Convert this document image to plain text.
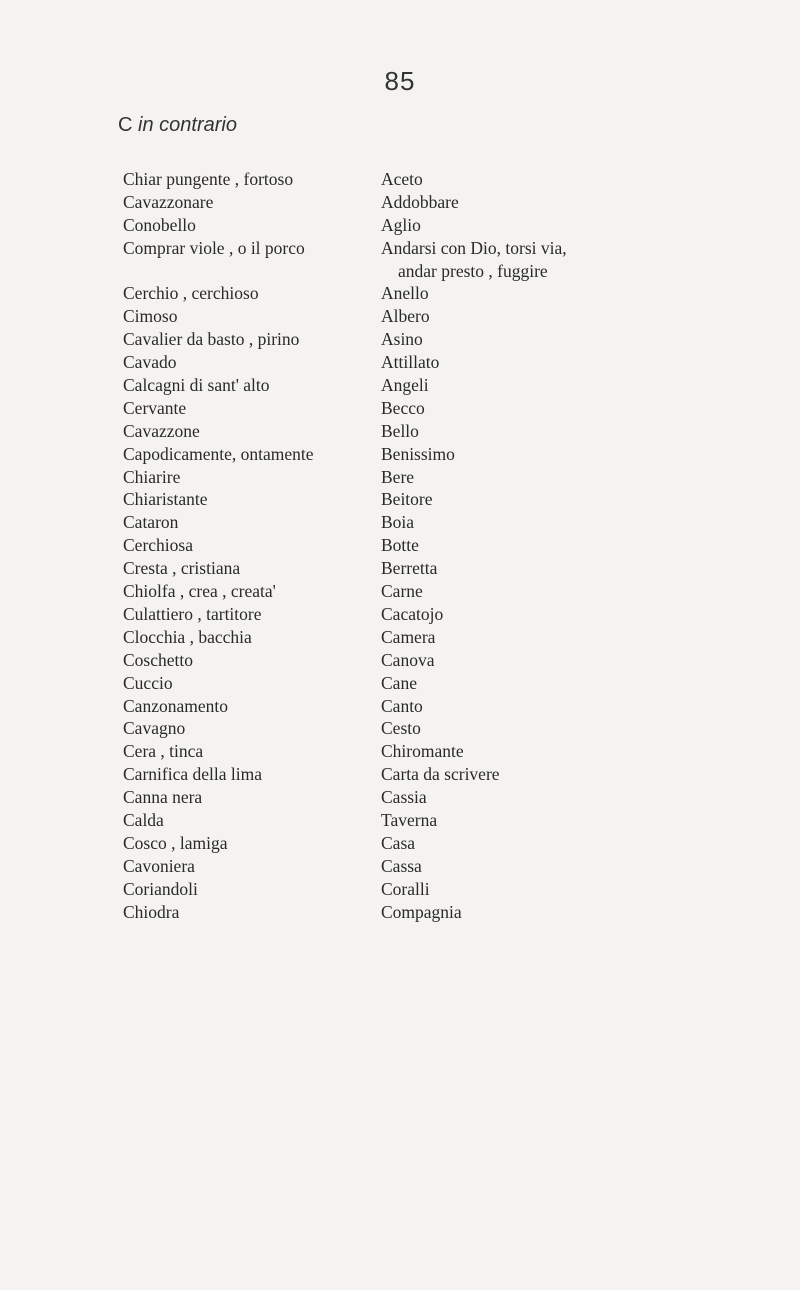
85
C in contrario
Chiar pungente , fortoso	Aceto
Cavazzonare	Addobbare
Conobello	Aglio
Comprar viole , o il porco	Andarsi con Dio, torsi via,
andar presto , fuggire
Cerchio , cerchioso	Anello
Cimoso	Albero
Cavalier da basto , pirino	Asino
Cavado	Attillato
Calcagni di sant' alto	Angeli
Cervante	Becco
Cavazzone	Bello
Capodicamente, ontamente	Benissimo
Chiarire	Bere
Chiaristante	Beitore
Cataron	Boia
Cerchiosa	Botte
Cresta , cristiana	Berretta
Chiolfa , crea , creata'	Carne
Culattiero , tartitore	Cacatojo
Clocchia , bacchia	Camera
Coschetto	Canova
Cuccio	Cane
Canzonamento	Canto
Cavagno	Cesto
Cera , tinca	Chiromante
Carnifica della lima	Carta da scrivere
Canna nera	Cassia
Calda	Taverna
Cosco , lamiga	Casa
Cavoniera	Cassa
Coriandoli	Coralli
Chiodra	Compagnia
